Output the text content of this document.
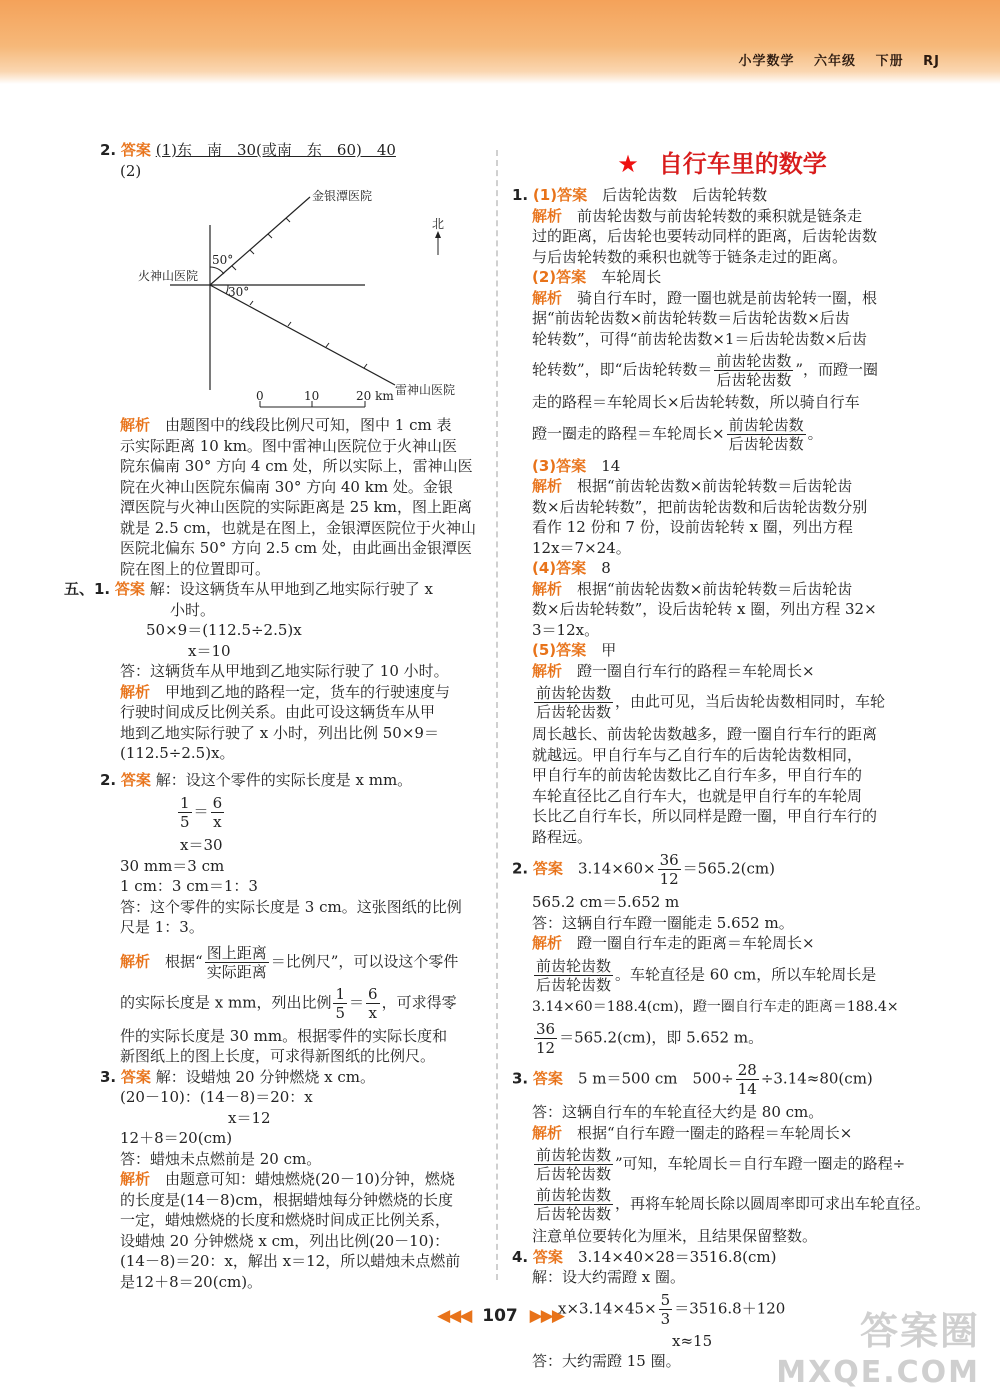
小学数学 六年级 下册 RJ

2. 答案 (1)东　南　30(或南　东　60)　40

(2)

金银潭医院
火神山医院
雷神山医院
北
50°
30°
0	10	20 km

解析　 由题图中的线段比例尺可知，图中 1 cm 表

示实际距离 10 km。图中雷神山医院位于火神山医

院东偏南 30° 方向 4 cm 处，所以实际上，雷神山医

院在火神山医院东偏南 30° 方向 40 km 处。金银

潭医院与火神山医院的实际距离是 25 km，图上距离

就是 2.5 cm，也就是在图上，金银潭医院位于火神山

医院北偏东 50° 方向 2.5 cm 处，由此画出金银潭医

院在图上的位置即可。

五、1. 答案 解：设这辆货车从甲地到乙地实际行驶了 x

小时。

50×9＝(112.5÷2.5)x

x＝10

答：这辆货车从甲地到乙地实际行驶了 10 小时。

解析　 甲地到乙地的路程一定，货车的行驶速度与

行驶时间成反比例关系。由此可设这辆货车从甲

地到乙地实际行驶了 x 小时，列出比例 50×9＝

(112.5÷2.5)x。

2. 答案 解：设这个零件的实际长度是 x mm。

$\frac{1}{5} = \frac{6}{x}$

x＝30

30 mm＝3 cm

1 cm：3 cm＝1：3

答：这个零件的实际长度是 3 cm。这张图纸的比例

尺是 1：3。

解析　 根据“ $\frac{\text{图上距离}}{\text{实际距离}}$ ＝比例尺”，可以设这个零件

的实际长度是 x mm，列出比例 $\frac{1}{5} = \frac{6}{x}$ ，可求得零

件的实际长度是 30 mm。根据零件的实际长度和

新图纸上的图上长度，可求得新图纸的比例尺。

3. 答案 解：设蜡烛 20 分钟燃烧 x cm。

(20－10)：(14－8)＝20：x

x＝12

12＋8＝20(cm)

答：蜡烛未点燃前是 20 cm。

解析　 由题意可知：蜡烛燃烧(20－10)分钟，燃烧

的长度是(14－8)cm，根据蜡烛每分钟燃烧的长度

一定，蜡烛燃烧的长度和燃烧时间成正比例关系，

设蜡烛 20 分钟燃烧 x cm，列出比例(20－10)：

(14－8)＝20：x，解出 x＝12，所以蜡烛未点燃前

是12＋8＝20(cm)。

★ 自行车里的数学

1. (1)答案　 后齿轮齿数　后齿轮转数

解析　 前齿轮齿数与前齿轮转数的乘积就是链条走

过的距离，后齿轮也要转动同样的距离，后齿轮齿数

与后齿轮转数的乘积也就等于链条走过的距离。

(2)答案　 车轮周长

解析　 骑自行车时，蹬一圈也就是前齿轮转一圈，根

据“前齿轮齿数×前齿轮转数＝后齿轮齿数×后齿

轮转数”，可得“前齿轮齿数×1＝后齿轮齿数×后齿

轮转数”，即“后齿轮转数＝ $\frac{\text{前齿轮齿数}}{\text{后齿轮齿数}}$ ”，而蹬一圈

走的路程＝车轮周长×后齿轮转数，所以骑自行车

蹬一圈走的路程＝车轮周长× $\frac{\text{前齿轮齿数}}{\text{后齿轮齿数}}$ 。

(3)答案　 14

解析　 根据“前齿轮齿数×前齿轮转数＝后齿轮齿

数×后齿轮转数”，把前齿轮齿数和后齿轮齿数分别

看作 12 份和 7 份，设前齿轮转 x 圈，列出方程

12x＝7×24。

(4)答案　 8

解析　 根据“前齿轮齿数×前齿轮转数＝后齿轮齿

数×后齿轮转数”，设后齿轮转 x 圈，列出方程 32×

3＝12x。

(5)答案　 甲

解析　 蹬一圈自行车行的路程＝车轮周长×

$\frac{\text{前齿轮齿数}}{\text{后齿轮齿数}}$ ，由此可见，当后齿轮齿数相同时，车轮

周长越长、前齿轮齿数越多，蹬一圈自行车行的距离

就越远。甲自行车与乙自行车的后齿轮齿数相同，

甲自行车的前齿轮齿数比乙自行车多，甲自行车的

车轮直径比乙自行车大，也就是甲自行车的车轮周

长比乙自行车长，所以同样是蹬一圈，甲自行车行的

路程远。

2. 答案　 $3.14\times 60\times \frac{36}{12} =565.2(cm)$

565.2 cm＝5.652 m

答：这辆自行车蹬一圈能走 5.652 m。

解析　 蹬一圈自行车走的距离＝车轮周长×

$\frac{\text{前齿轮齿数}}{\text{后齿轮齿数}}$ 。车轮直径是 60 cm，所以车轮周长是

3.14×60＝188.4(cm)，蹬一圈自行车走的距离＝188.4×

$\frac{36}{12} =565.2(cm)$，即 5.652 m。

3. 答案　 5 m＝500 cm　$500\div \frac{28}{14} \div 3.14\approx 80(cm)$

答：这辆自行车的车轮直径大约是 80 cm。

解析　 根据“自行车蹬一圈走的路程＝车轮周长×

$\frac{\text{前齿轮齿数}}{\text{后齿轮齿数}}$ ”可知，车轮周长＝自行车蹬一圈走的路程÷

$\frac{\text{前齿轮齿数}}{\text{后齿轮齿数}}$ ，再将车轮周长除以圆周率即可求出车轮直径。

注意单位要转化为厘米，且结果保留整数。

4. 答案　 3.14×40×28＝3516.8(cm)

解：设大约需蹬 x 圈。

$x\times 3.14\times 45\times \frac{5}{3} =3516.8+120$

x≈15

答：大约需蹬 15 圈。

◀◀◀ 107 ▶▶▶	答案圈
MXQE.COM
